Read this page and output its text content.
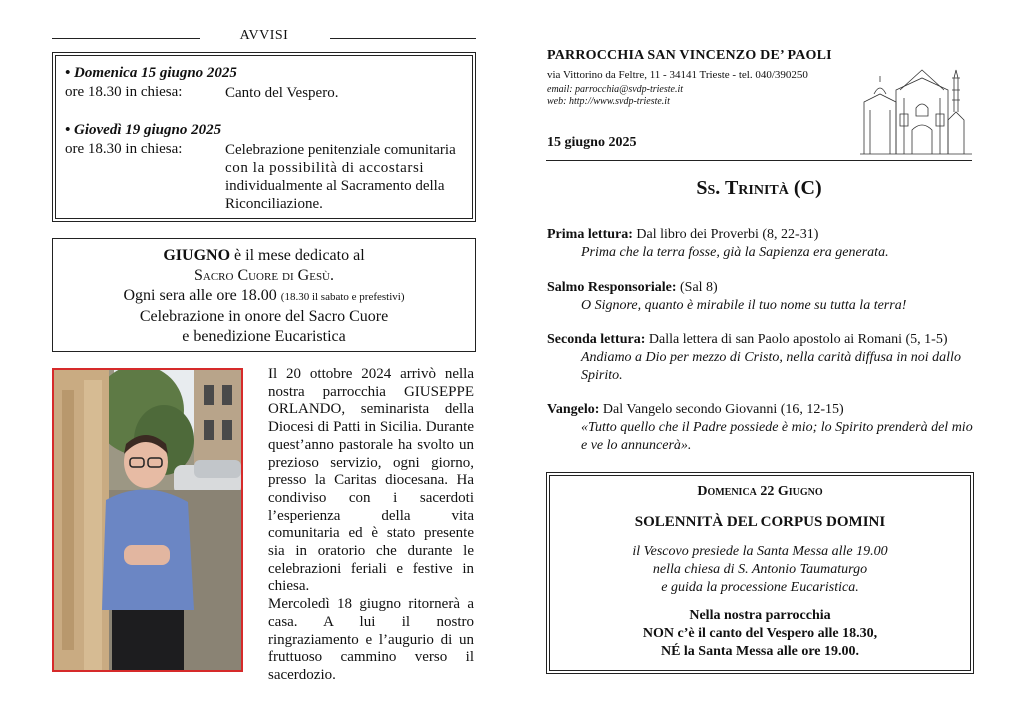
AVVISI
• Domenica 15 giugno 2025
ore 18.30 in chiesa:	Canto del Vespero.
• Giovedì 19 giugno 2025
ore 18.30 in chiesa:	Celebrazione penitenziale comunitaria
con la possibilità di accostarsi
individualmente al Sacramento della
Riconciliazione.
GIUGNO è il mese dedicato al
Sacro Cuore di Gesù.
Ogni sera alle ore 18.00 (18.30 il sabato e prefestivi)
Celebrazione in onore del Sacro Cuore
e benedizione Eucaristica

Il 20 ottobre 2024 arrivò nella nostra parrocchia GIUSEPPE ORLANDO, seminarista della Diocesi di Patti in Sicilia. Durante quest’anno pastorale ha svolto un prezioso servizio, ogni giorno, presso la Caritas diocesana. Ha condiviso con i sacerdoti l’esperienza della vita comunitaria ed è stato presente sia in oratorio che durante le celebrazioni feriali e festive in chiesa.

Mercoledì 18 giugno ritornerà a casa. A lui il nostro ringraziamento e l’augurio di un fruttuoso cammino verso il sacerdozio.

PARROCCHIA SAN VINCENZO DE’ PAOLI
via Vittorino da Feltre, 11 - 34141 Trieste - tel. 040/390250
email: parrocchia@svdp-trieste.it
web: http://www.svdp-trieste.it
15 giugno 2025
Ss. Trinità (C)
Prima lettura: Dal libro dei Proverbi (8, 22-31)
Prima che la terra fosse, già la Sapienza era generata.
Salmo Responsoriale: (Sal 8)
O Signore, quanto è mirabile il tuo nome su tutta la terra!
Seconda lettura: Dalla lettera di san Paolo apostolo ai Romani (5, 1-5)
Andiamo a Dio per mezzo di Cristo, nella carità diffusa in noi dallo Spirito.
Vangelo: Dal Vangelo secondo Giovanni (16, 12-15)
«Tutto quello che il Padre possiede è mio; lo Spirito prenderà del mio e ve lo annuncerà».
Domenica 22 Giugno
SOLENNITÀ DEL CORPUS DOMINI
il Vescovo presiede la Santa Messa alle 19.00
nella chiesa di S. Antonio Taumaturgo
e guida la processione Eucaristica.
Nella nostra parrocchia
NON c’è il canto del Vespero alle 18.30,
NÉ la Santa Messa alle ore 19.00.
